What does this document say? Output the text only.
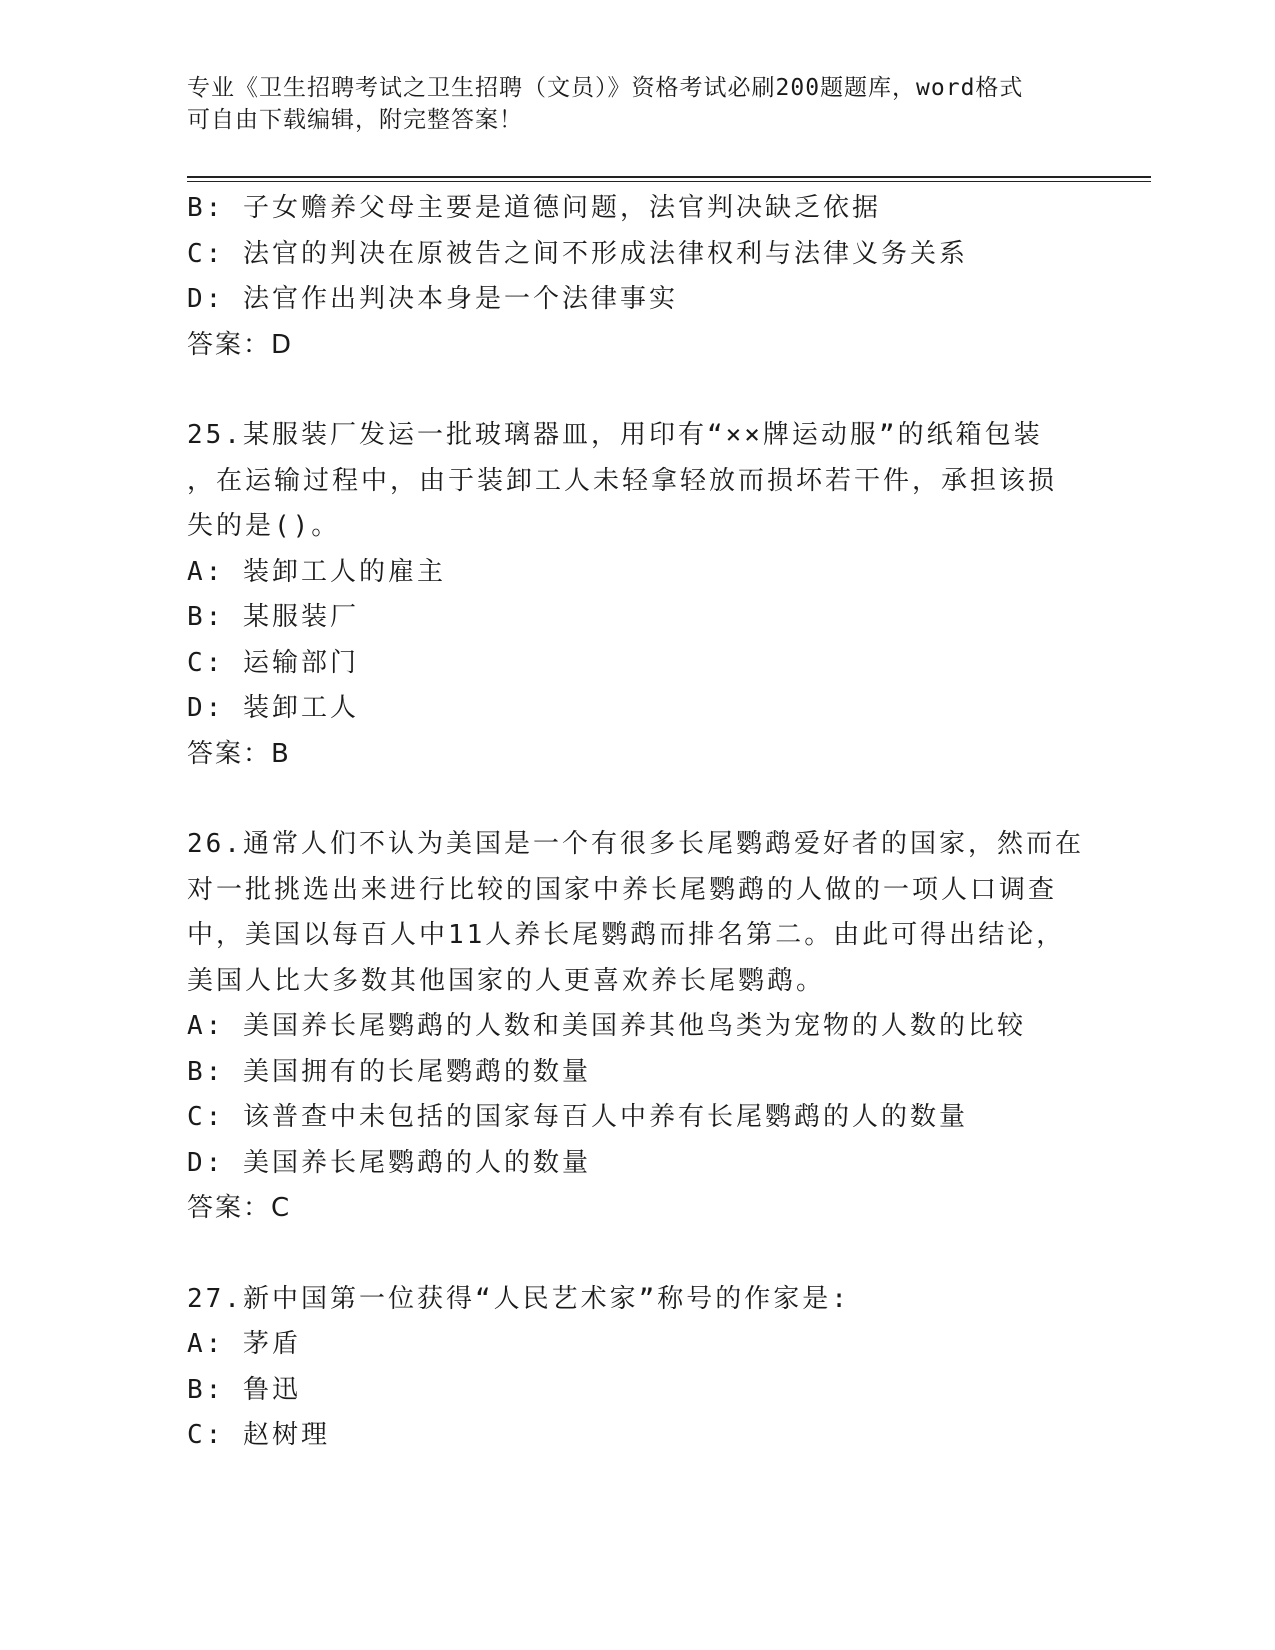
专业《卫生招聘考试之卫生招聘（文员）》资格考试必刷200题题库，word格式
可自由下载编辑，附完整答案！
B: 子女赡养父母主要是道德问题，法官判决缺乏依据
C: 法官的判决在原被告之间不形成法律权利与法律义务关系
D: 法官作出判决本身是一个法律事实
答案：D
25.某服装厂发运一批玻璃器皿，用印有“××牌运动服”的纸箱包装
，在运输过程中，由于装卸工人未轻拿轻放而损坏若干件，承担该损
失的是()。
A: 装卸工人的雇主
B: 某服装厂
C: 运输部门
D: 装卸工人
答案：B
26.通常人们不认为美国是一个有很多长尾鹦鹉爱好者的国家，然而在
对一批挑选出来进行比较的国家中养长尾鹦鹉的人做的一项人口调查
中，美国以每百人中11人养长尾鹦鹉而排名第二。由此可得出结论，
美国人比大多数其他国家的人更喜欢养长尾鹦鹉。
A: 美国养长尾鹦鹉的人数和美国养其他鸟类为宠物的人数的比较
B: 美国拥有的长尾鹦鹉的数量
C: 该普查中未包括的国家每百人中养有长尾鹦鹉的人的数量
D: 美国养长尾鹦鹉的人的数量
答案：C
27.新中国第一位获得“人民艺术家”称号的作家是:
A: 茅盾
B: 鲁迅
C: 赵树理
